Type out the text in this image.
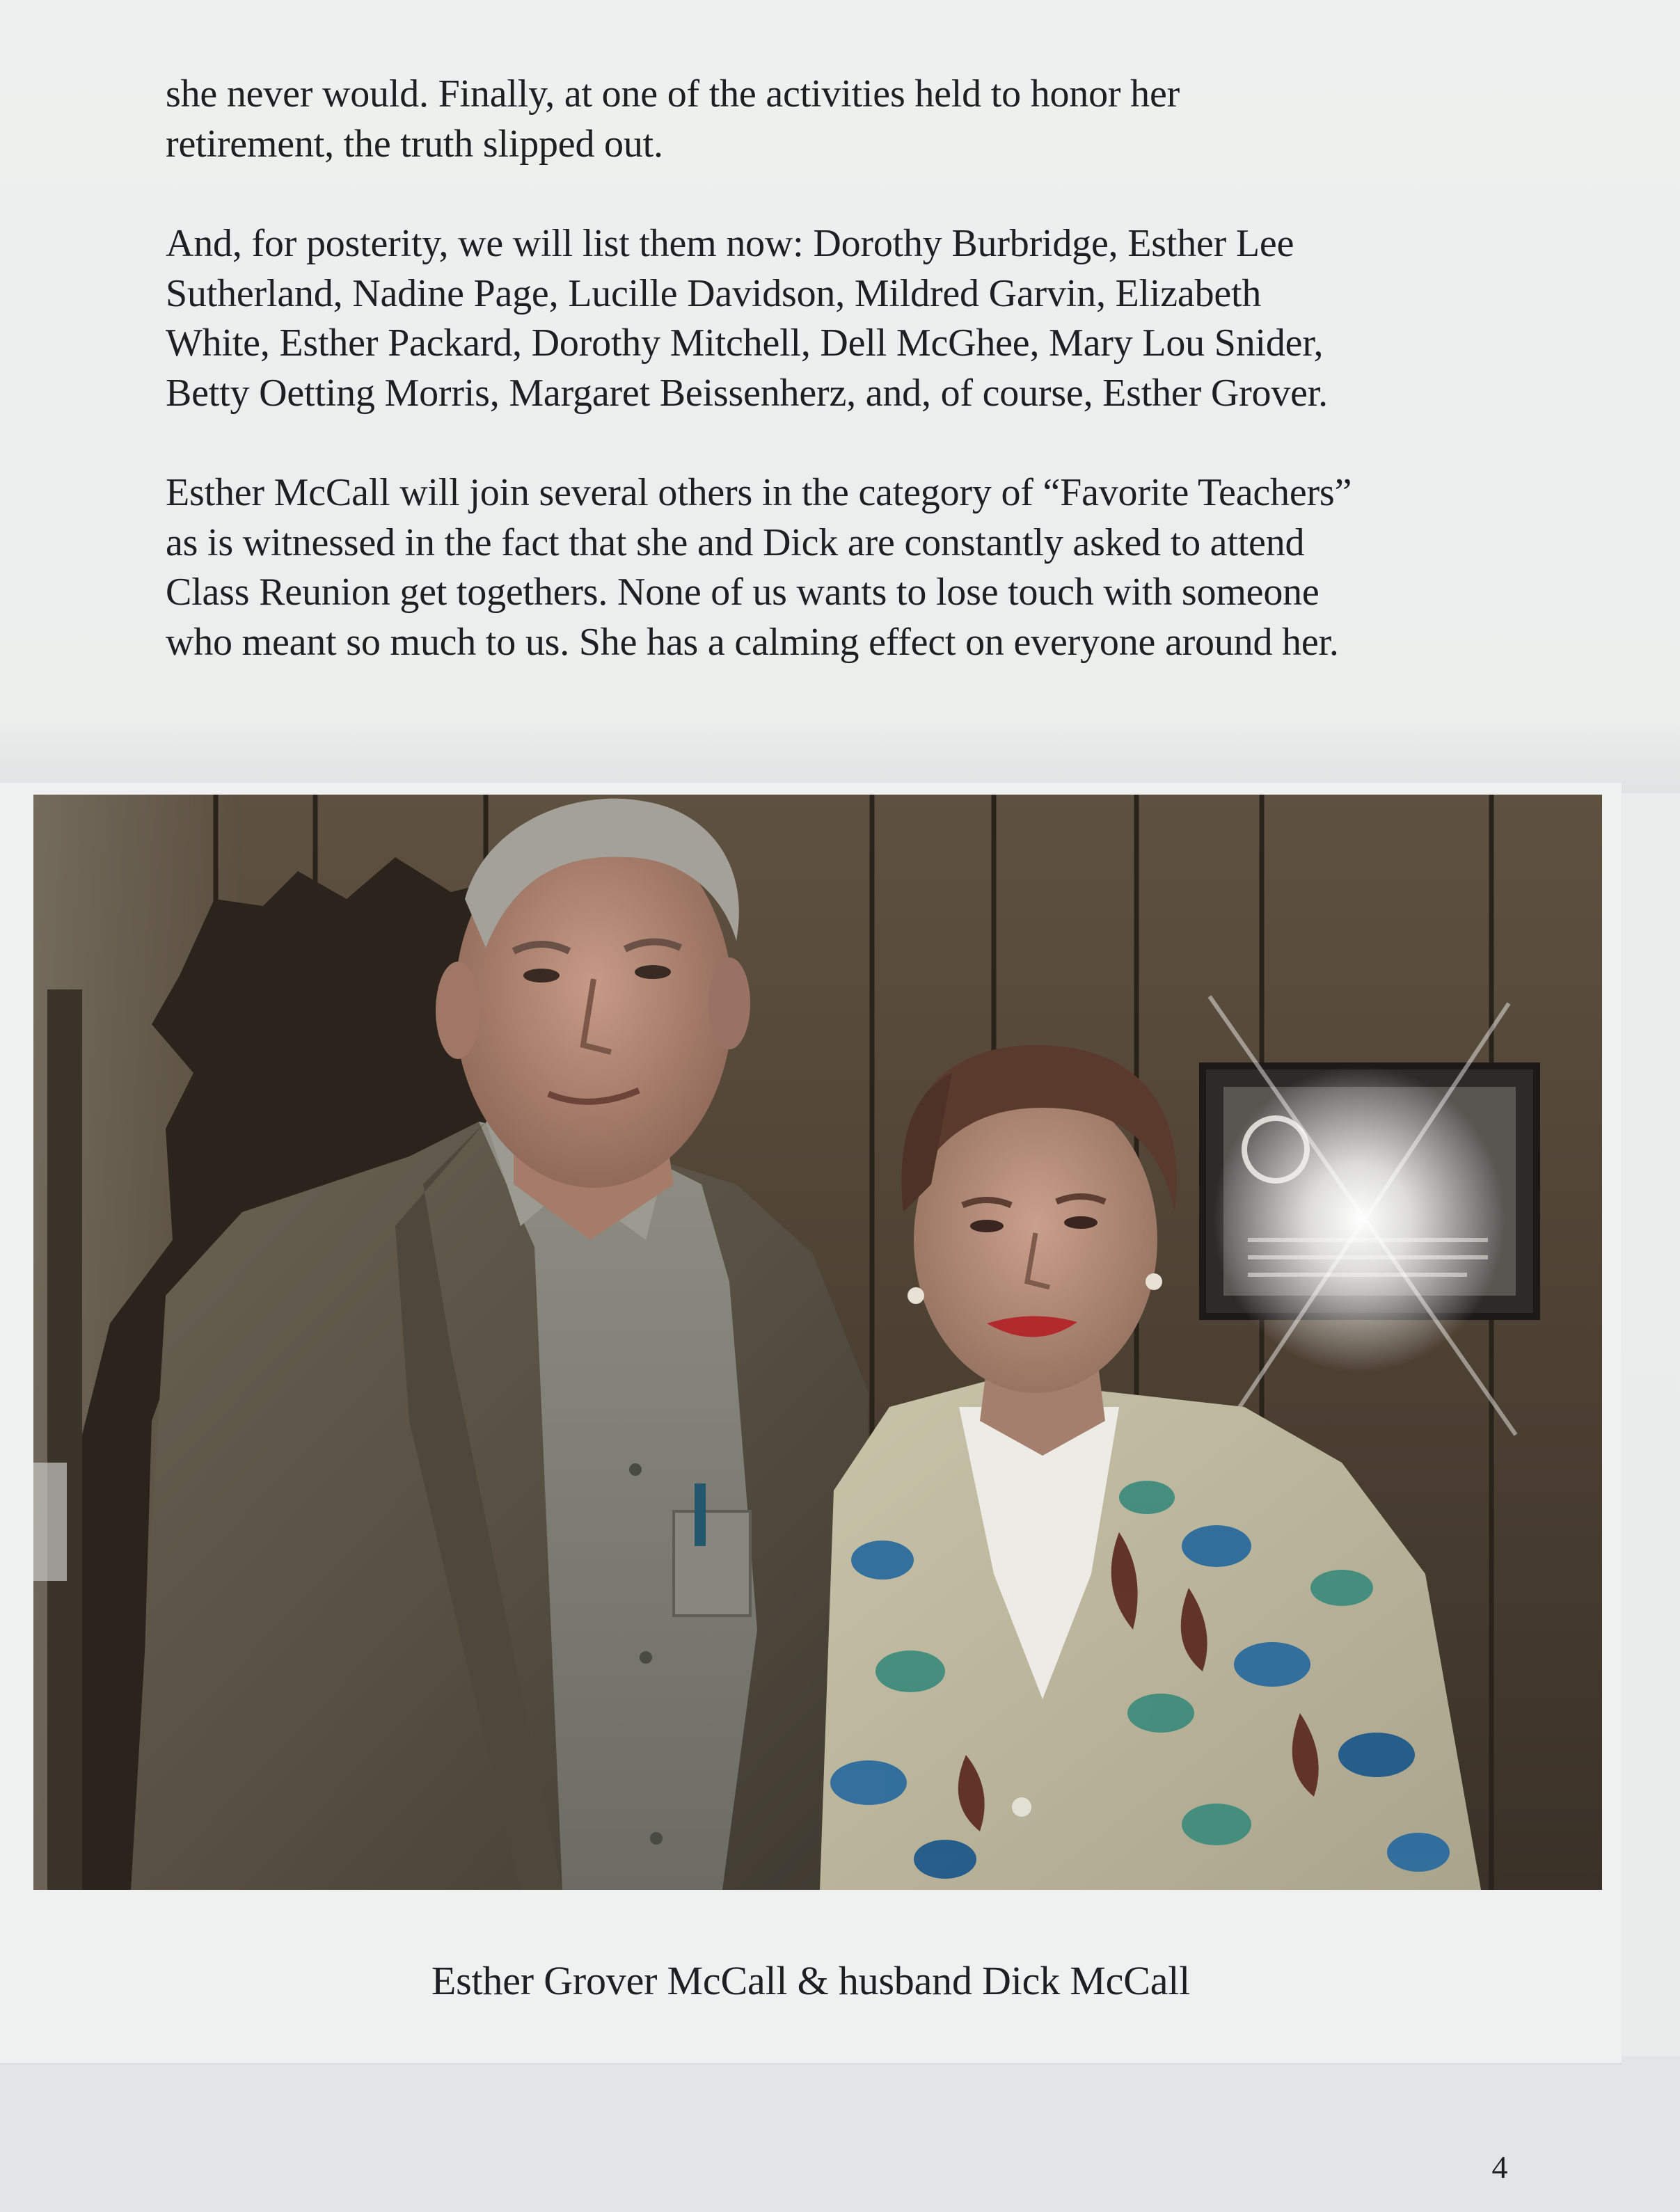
she never would. Finally, at one of the activities held to honor her
retirement, the truth slipped out.

And, for posterity, we will list them now: Dorothy Burbridge, Esther Lee
Sutherland, Nadine Page, Lucille Davidson, Mildred Garvin, Elizabeth
White, Esther Packard, Dorothy Mitchell, Dell McGhee, Mary Lou Snider,
Betty Oetting Morris, Margaret Beissenherz, and, of course, Esther Grover.

Esther McCall will join several others in the category of “Favorite Teachers”
as is witnessed in the fact that she and Dick are constantly asked to attend
Class Reunion get togethers. None of us wants to lose touch with someone
who meant so much to us. She has a calming effect on everyone around her.

Esther Grover McCall & husband Dick McCall
4
